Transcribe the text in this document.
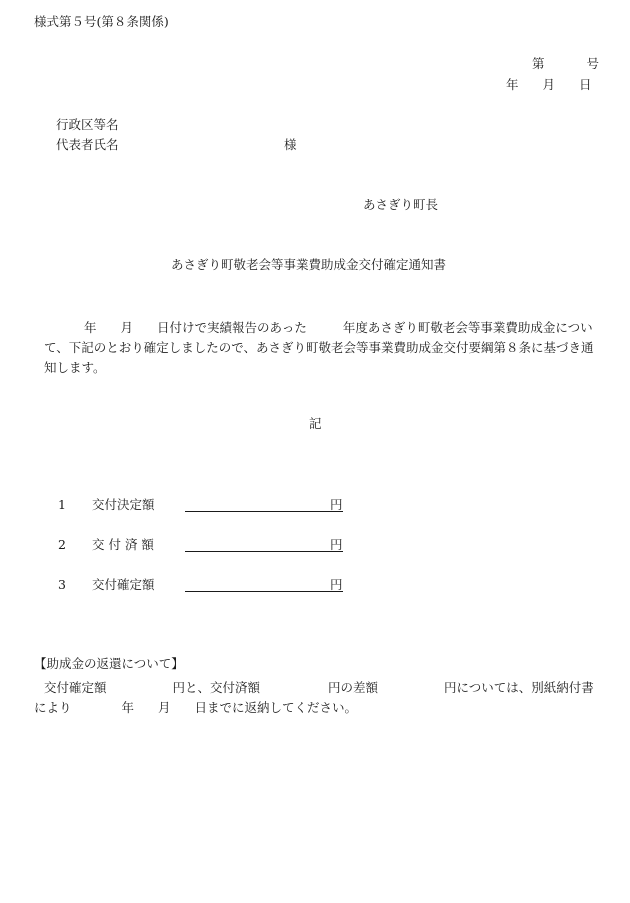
様式第５号(第８条関係)
第	号
年 月 日
行政区等名
代表者氏名	様
あさぎり町長
あさぎり町敬老会等事業費助成金交付確定通知書
年 月 日付けで実績報告のあった	年度あさぎり町敬老会等事業費助成金について、下記のとおり確定しましたので、あさぎり町敬老会等事業費助成金交付要綱第８条に基づき通知します。
記
1 交付決定額	円
2 交 付 済 額	円
3 交付確定額	円
【助成金の返還について】
交付確定額	円と、交付済額	円の差額	円については、別紙納付書により	年 月 日までに返納してください。
